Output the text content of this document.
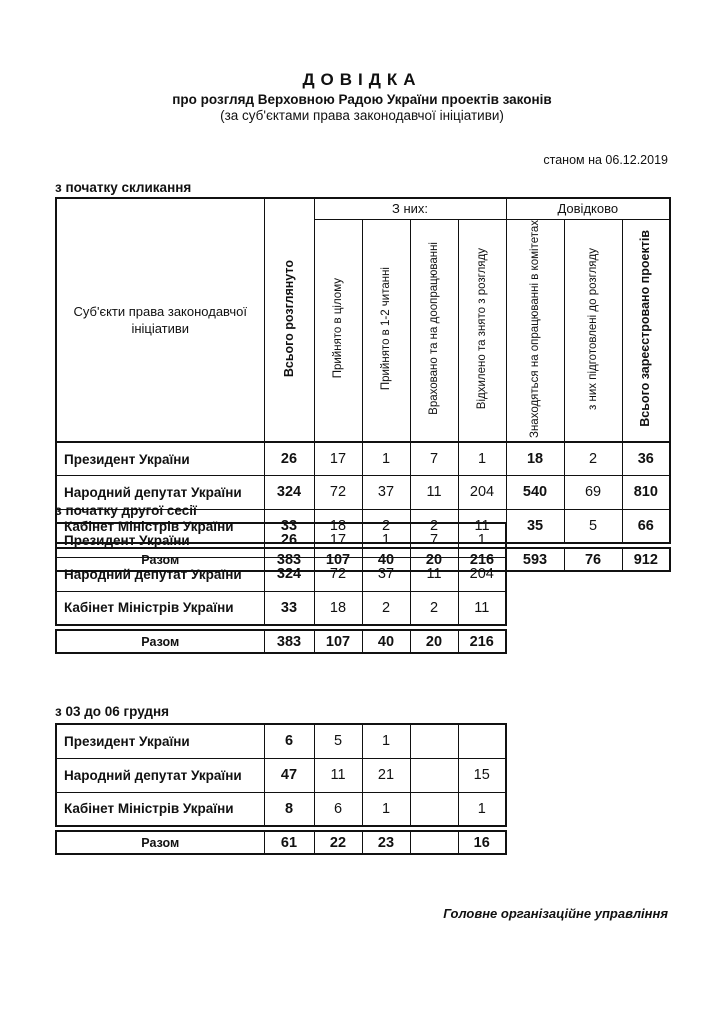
ДОВІДКА
про розгляд Верховною Радою України проектів законів
(за суб'єктами права законодавчої ініціативи)
станом на 06.12.2019
з початку скликання
Суб'єкти права законодавчої ініціативи	Всього розглянуто	З них:				Довідково		
		Прийнято в цілому	Прийнято в 1-2 читанні	Враховано та на доопрацюванні	Відхилено та знято з розгляду	Знаходяться на опрацюванні в комітетах	з них підготовлені до розгляду	Всього зареєстровано проектів
Президент України	26	17	1	7	1	18	2	36
Народний депутат України	324	72	37	11	204	540	69	810
Кабінет Міністрів України	33	18	2	2	11	35	5	66

Разом	383	107	40	20	216	593	76	912
з початку другої сесії
Президент України	26	17	1	7	1
Народний депутат України	324	72	37	11	204
Кабінет Міністрів України	33	18	2	2	11

Разом	383	107	40	20	216
з 03 до 06 грудня
Президент України	6	5	1		
Народний депутат України	47	11	21		15
Кабінет Міністрів України	8	6	1		1

Разом	61	22	23		16
Головне організаційне управління
